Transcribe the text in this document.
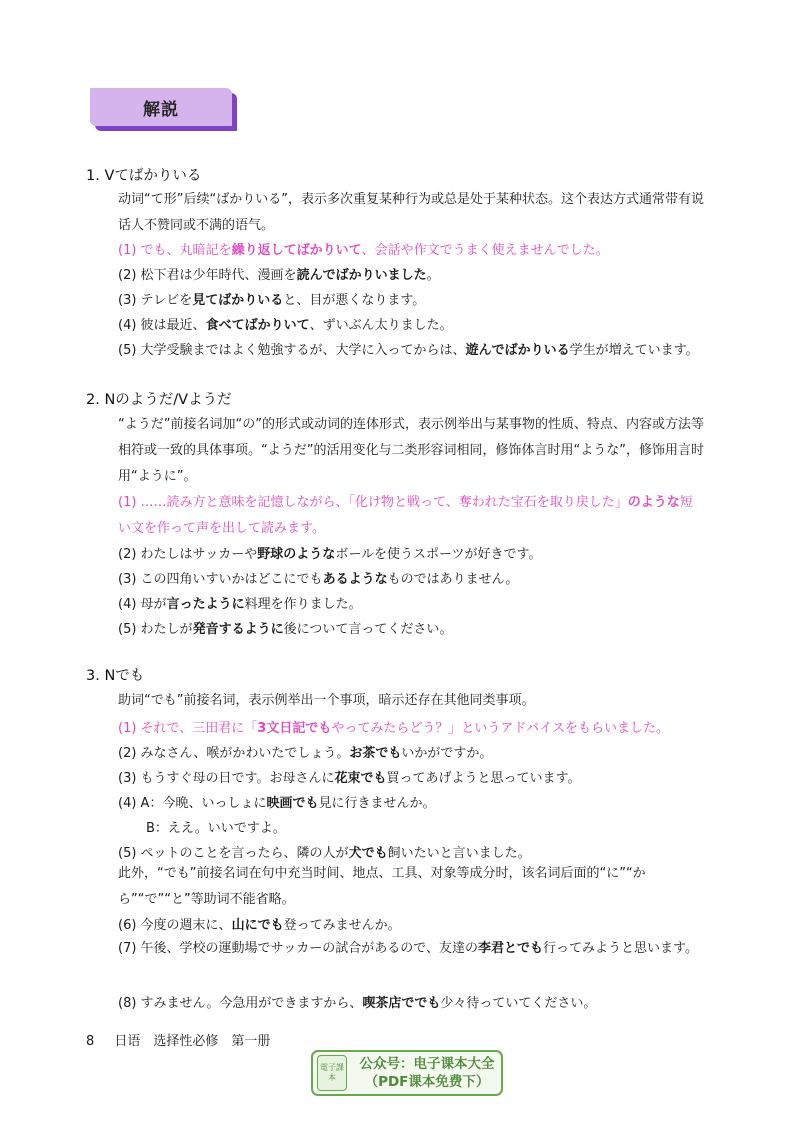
解説

1. Vてばかりいる

动词“て形”后续“ばかりいる”，表示多次重复某种行为或总是处于某种状态。这个表达方式通常带有说话人不赞同或不满的语气。

(1) でも、丸暗記を繰り返してばかりいて、会話や作文でうまく使えませんでした。

(2) 松下君は少年時代、漫画を読んでばかりいました。

(3) テレビを見てばかりいると、目が悪くなります。

(4) 彼は最近、食べてばかりいて、ずいぶん太りました。

(5) 大学受験まではよく勉強するが、大学に入ってからは、遊んでばかりいる学生が増えています。

2. Nのようだ/Vようだ

“ようだ”前接名词加“の”的形式或动词的连体形式，表示例举出与某事物的性质、特点、内容或方法等相符或一致的具体事项。“ようだ”的活用变化与二类形容词相同，修饰体言时用“ような”，修饰用言时用“ように”。

(1) ……読み方と意味を記憶しながら、「化け物と戦って、奪われた宝石を取り戻した」のような短い文を作って声を出して読みます。

(2) わたしはサッカーや野球のようなボールを使うスポーツが好きです。

(3) この四角いすいかはどこにでもあるようなものではありません。

(4) 母が言ったように料理を作りました。

(5) わたしが発音するように後について言ってください。

3. Nでも

助词“でも”前接名词，表示例举出一个事项，暗示还存在其他同类事项。

(1) それで、三田君に「3文日記でもやってみたらどう？」というアドバイスをもらいました。

(2) みなさん、喉がかわいたでしょう。お茶でもいかがですか。

(3) もうすぐ母の日です。お母さんに花束でも買ってあげようと思っています。

(4) A：今晩、いっしょに映画でも見に行きませんか。

B：ええ。いいですよ。

(5) ペットのことを言ったら、隣の人が犬でも飼いたいと言いました。

此外，“でも”前接名词在句中充当时间、地点、工具、对象等成分时，该名词后面的“に”“から”“で”“と”等助词不能省略。

(6) 今度の週末に、山にでも登ってみませんか。

(7) 午後、学校の運動場でサッカーの試合があるので、友達の李君とでも行ってみようと思います。

(8) すみません。今急用ができますから、喫茶店ででも少々待っていてください。

8 日语　选择性必修　第一册
電子課本
公众号：电子课本大全
（PDF课本免费下）
